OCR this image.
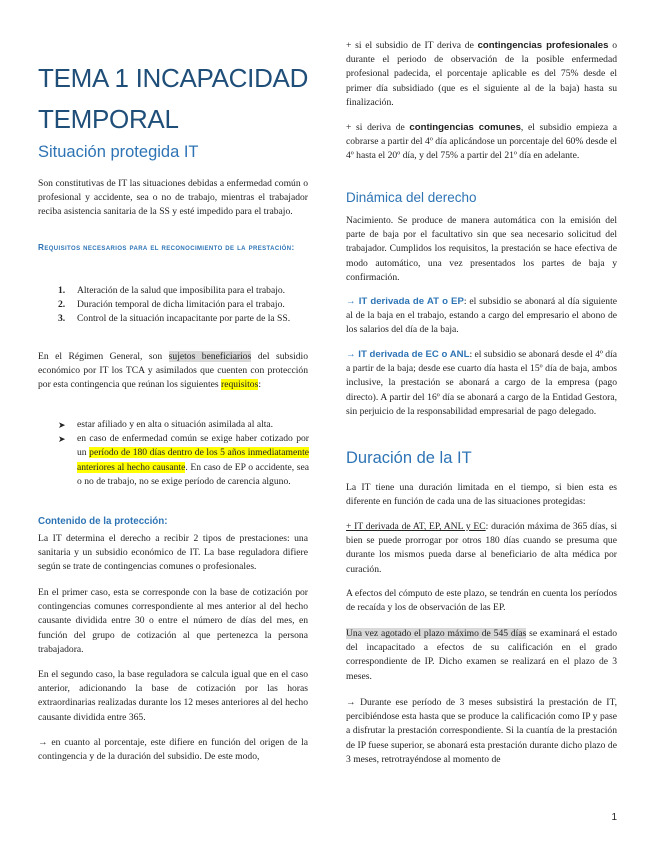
TEMA 1 INCAPACIDAD TEMPORAL
Situación protegida IT

Son constitutivas de IT las situaciones debidas a enfermedad común o profesional y accidente, sea o no de trabajo, mientras el trabajador reciba asistencia sanitaria de la SS y esté impedido para el trabajo.

Requisitos necesarios para el reconocimiento de la prestación:
1. Alteración de la salud que imposibilita para el trabajo.
2. Duración temporal de dicha limitación para el trabajo.
3. Control de la situación incapacitante por parte de la SS.

En el Régimen General, son sujetos beneficiarios del subsidio económico por IT los TCA y asimilados que cuenten con protección por esta contingencia que reúnan los siguientes requisitos:

➤ estar afiliado y en alta o situación asimilada al alta.
➤ en caso de enfermedad común se exige haber cotizado por un período de 180 días dentro de los 5 años inmediatamente anteriores al hecho causante. En caso de EP o accidente, sea o no de trabajo, no se exige período de carencia alguno.
Contenido de la protección:

La IT determina el derecho a recibir 2 tipos de prestaciones: una sanitaria y un subsidio económico de IT. La base reguladora difiere según se trate de contingencias comunes o profesionales.

En el primer caso, esta se corresponde con la base de cotización por contingencias comunes correspondiente al mes anterior al del hecho causante dividida entre 30 o entre el número de días del mes, en función del grupo de cotización al que pertenezca la persona trabajadora.

En el segundo caso, la base reguladora se calcula igual que en el caso anterior, adicionando la base de cotización por las horas extraordinarias realizadas durante los 12 meses anteriores al del hecho causante dividida entre 365.

→ en cuanto al porcentaje, este difiere en función del origen de la contingencia y de la duración del subsidio. De este modo,

+ si el subsidio de IT deriva de contingencias profesionales o durante el periodo de observación de la posible enfermedad profesional padecida, el porcentaje aplicable es del 75% desde el primer día subsidiado (que es el siguiente al de la baja) hasta su finalización.

+ si deriva de contingencias comunes, el subsidio empieza a cobrarse a partir del 4º día aplicándose un porcentaje del 60% desde el 4º hasta el 20º día, y del 75% a partir del 21º día en adelante.

Dinámica del derecho

Nacimiento. Se produce de manera automática con la emisión del parte de baja por el facultativo sin que sea necesario solicitud del trabajador. Cumplidos los requisitos, la prestación se hace efectiva de modo automático, una vez presentados los partes de baja y confirmación.

→ IT derivada de AT o EP: el subsidio se abonará al día siguiente al de la baja en el trabajo, estando a cargo del empresario el abono de los salarios del día de la baja.

→ IT derivada de EC o ANL: el subsidio se abonará desde el 4º día a partir de la baja; desde ese cuarto día hasta el 15º día de baja, ambos inclusive, la prestación se abonará a cargo de la empresa (pago directo). A partir del 16º día se abonará a cargo de la Entidad Gestora, sin perjuicio de la responsabilidad empresarial de pago delegado.

Duración de la IT

La IT tiene una duración limitada en el tiempo, si bien esta es diferente en función de cada una de las situaciones protegidas:

+ IT derivada de AT, EP, ANL y EC: duración máxima de 365 días, si bien se puede prorrogar por otros 180 días cuando se presuma que durante los mismos pueda darse al beneficiario de alta médica por curación.

A efectos del cómputo de este plazo, se tendrán en cuenta los períodos de recaída y los de observación de las EP.

Una vez agotado el plazo máximo de 545 días se examinará el estado del incapacitado a efectos de su calificación en el grado correspondiente de IP. Dicho examen se realizará en el plazo de 3 meses.

→ Durante ese período de 3 meses subsistirá la prestación de IT, percibiéndose esta hasta que se produce la calificación como IP y pase a disfrutar la prestación correspondiente. Si la cuantía de la prestación de IP fuese superior, se abonará esta prestación durante dicho plazo de 3 meses, retrotrayéndose al momento de

1
